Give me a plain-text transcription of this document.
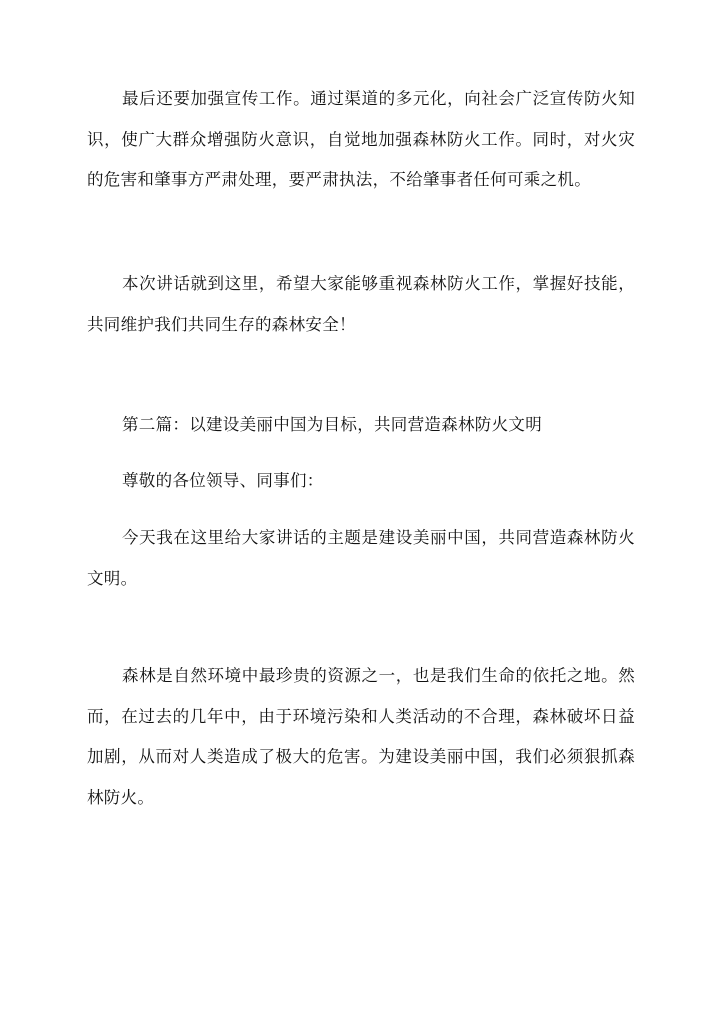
最后还要加强宣传工作。通过渠道的多元化，向社会广泛宣传防火知识，使广大群众增强防火意识，自觉地加强森林防火工作。同时，对火灾的危害和肇事方严肃处理，要严肃执法，不给肇事者任何可乘之机。

本次讲话就到这里，希望大家能够重视森林防火工作，掌握好技能，共同维护我们共同生存的森林安全！

第二篇：以建设美丽中国为目标，共同营造森林防火文明

尊敬的各位领导、同事们：

今天我在这里给大家讲话的主题是建设美丽中国，共同营造森林防火文明。

森林是自然环境中最珍贵的资源之一，也是我们生命的依托之地。然而，在过去的几年中，由于环境污染和人类活动的不合理，森林破坏日益加剧，从而对人类造成了极大的危害。为建设美丽中国，我们必须狠抓森林防火。
